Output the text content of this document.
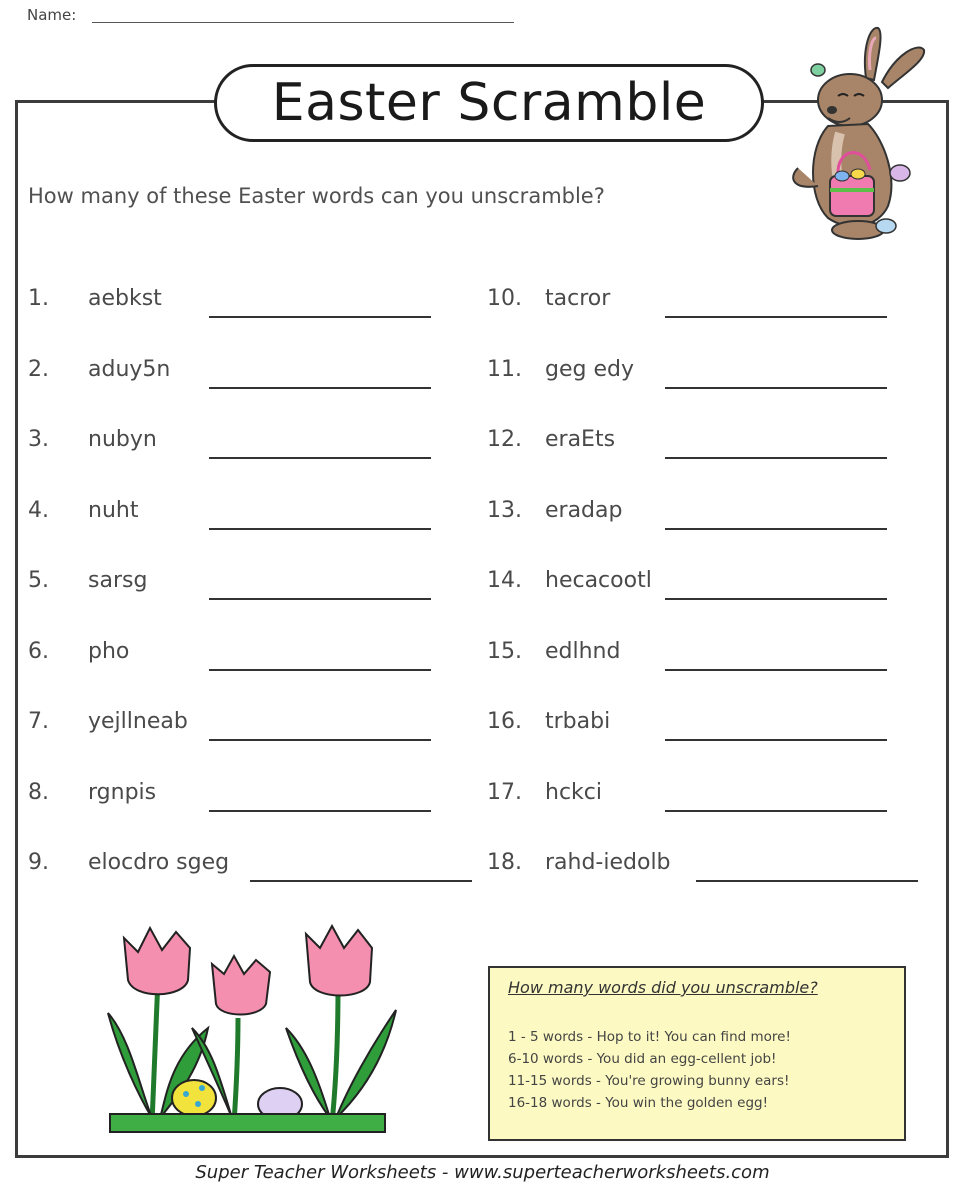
Name:
Easter Scramble
How many of these Easter words can you unscramble?
1. aebkst
2. aduy5n
3. nubyn
4. nuht
5. sarsg
6. pho
7. yejllneab
8. rgnpis
9. elocdro sgeg
10. tacror
11. geg edy
12. eraEts
13. eradap
14. hecacootl
15. edlhnd
16. trbabi
17. hckci
18. rahd-iedolb
How many words did you unscramble?
1 - 5 words - Hop to it! You can find more!
6-10 words - You did an egg-cellent job!
11-15 words - You're growing bunny ears!
16-18 words - You win the golden egg!
Super Teacher Worksheets - www.superteacherworksheets.com
